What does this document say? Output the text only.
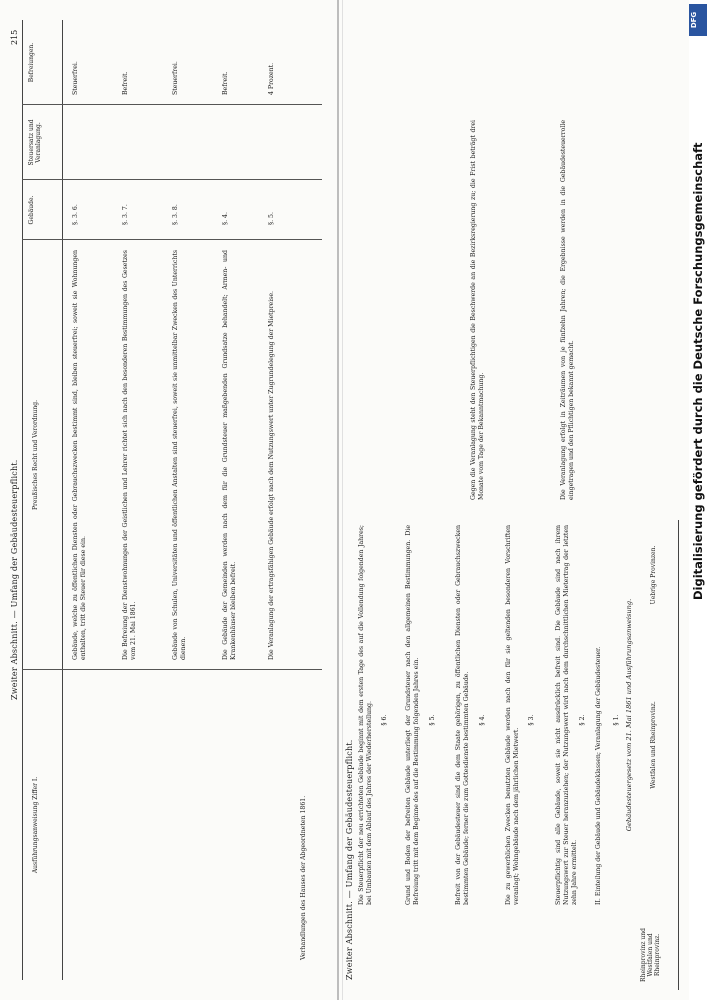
Zweiter Abschnitt. — Umfang der Gebäudesteuerpflicht.	Rheinprovinz und Westfalen und Rheinprovinz.
Westfalen und Rheinprovinz.
Uebrige Provinzen.
Gebäudesteuergesetz vom 21. Mai 1861 und Ausführungsanweisung.
§ 1.
II. Einteilung der Gebäude und Gebäudeklassen; Veranlagung der Gebäudesteuer.
§ 2.
Steuerpflichtig sind alle Gebäude, soweit sie nicht ausdrücklich befreit sind. Die Gebäude sind nach ihrem Nutzungswert zur Steuer heranzuziehen; der Nutzungswert wird nach dem durchschnittlichen Mietertrag der letzten zehn Jahre ermittelt.
§ 3.
Die zu gewerblichen Zwecken benutzten Gebäude werden nach den für sie geltenden besonderen Vorschriften veranlagt; Wohngebäude nach dem jährlichen Mietwert.
§ 4.
Befreit von der Gebäudesteuer sind die dem Staate gehörigen, zu öffentlichen Diensten oder Gebrauchszwecken bestimmten Gebäude; ferner die zum Gottesdienste bestimmten Gebäude.
§ 5.
Grund und Boden der befreiten Gebäude unterliegt der Grundsteuer nach den allgemeinen Bestimmungen. Die Befreiung tritt mit dem Beginne des auf die Bestimmung folgenden Jahres ein.
§ 6.
Die Steuerpflicht der neu errichteten Gebäude beginnt mit dem ersten Tage des auf die Vollendung folgenden Jahres; bei Umbauten mit dem Ablauf des Jahres der Wiederherstellung.
Die Veranlagung erfolgt in Zeiträumen von je fünfzehn Jahren; die Ergebnisse werden in die Gebäudesteuerrolle eingetragen und den Pflichtigen bekannt gemacht.
Gegen die Veranlagung steht den Steuerpflichtigen die Beschwerde an die Bezirksregierung zu; die Frist beträgt drei Monate vom Tage der Bekanntmachung.
Zweiter Abschnitt. — Umfang der Gebäudesteuerpflicht.
215
Ausführungsanweisung Ziffer I.
Preußisches Recht und Verordnung.
Gebäude.
Steuersatz und Veranlagung.
Befreiungen.
§. 3. 6.
Gebäude, welche zu öffentlichen Diensten oder Gebrauchszwecken bestimmt sind, bleiben steuerfrei; soweit sie Wohnungen enthalten, tritt die Steuer für diese ein.
Steuerfrei.
§. 3. 7.
Die Befreiung der Dienstwohnungen der Geistlichen und Lehrer richtet sich nach den besonderen Bestimmungen des Gesetzes vom 21. Mai 1861.
Befreit.
§. 3. 8.
Gebäude von Schulen, Universitäten und öffentlichen Anstalten sind steuerfrei, soweit sie unmittelbar Zwecken des Unterrichts dienen.
Steuerfrei.
§. 4.
Die Gebäude der Gemeinden werden nach dem für die Grundsteuer maßgebenden Grundsatze behandelt; Armen- und Krankenhäuser bleiben befreit.
Befreit.
§. 5.
Die Veranlagung der ertragsfähigen Gebäude erfolgt nach dem Nutzungswert unter Zugrundelegung der Mietpreise.
4 Prozent.
Verhandlungen des Hauses der Abgeordneten 1861.
DFG
Digitalisierung gefördert durch die Deutsche Forschungsgemeinschaft
